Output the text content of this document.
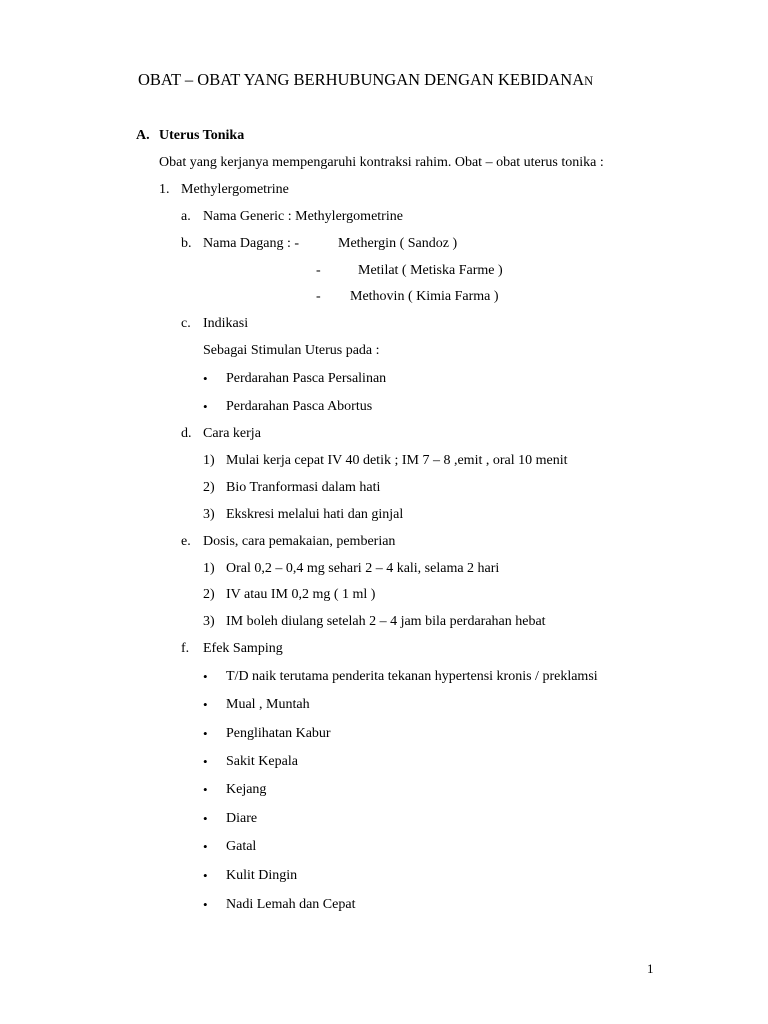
OBAT – OBAT YANG BERHUBUNGAN DENGAN KEBIDANAN
A. Uterus Tonika
Obat yang kerjanya mempengaruhi kontraksi rahim. Obat – obat uterus tonika :
1. Methylergometrine
a. Nama Generic : Methylergometrine
b. Nama Dagang : -	Methergin ( Sandoz )
-	Metilat ( Metiska Farme )
- Methovin ( Kimia Farma )
c. Indikasi
Sebagai Stimulan Uterus pada :
• Perdarahan Pasca Persalinan
• Perdarahan Pasca Abortus
d. Cara kerja
1) Mulai kerja cepat IV 40 detik ; IM 7 – 8 ,emit , oral 10 menit
2) Bio Tranformasi dalam hati
3) Ekskresi melalui hati dan ginjal
e. Dosis, cara pemakaian, pemberian
1) Oral 0,2 – 0,4 mg sehari 2 – 4 kali, selama 2 hari
2) IV atau IM 0,2 mg ( 1 ml )
3) IM boleh diulang setelah 2 – 4 jam bila perdarahan hebat
f. Efek Samping
• T/D naik terutama penderita tekanan hypertensi kronis / preklamsi
• Mual , Muntah
• Penglihatan Kabur
• Sakit Kepala
• Kejang
• Diare
• Gatal
• Kulit Dingin
• Nadi Lemah dan Cepat
1
